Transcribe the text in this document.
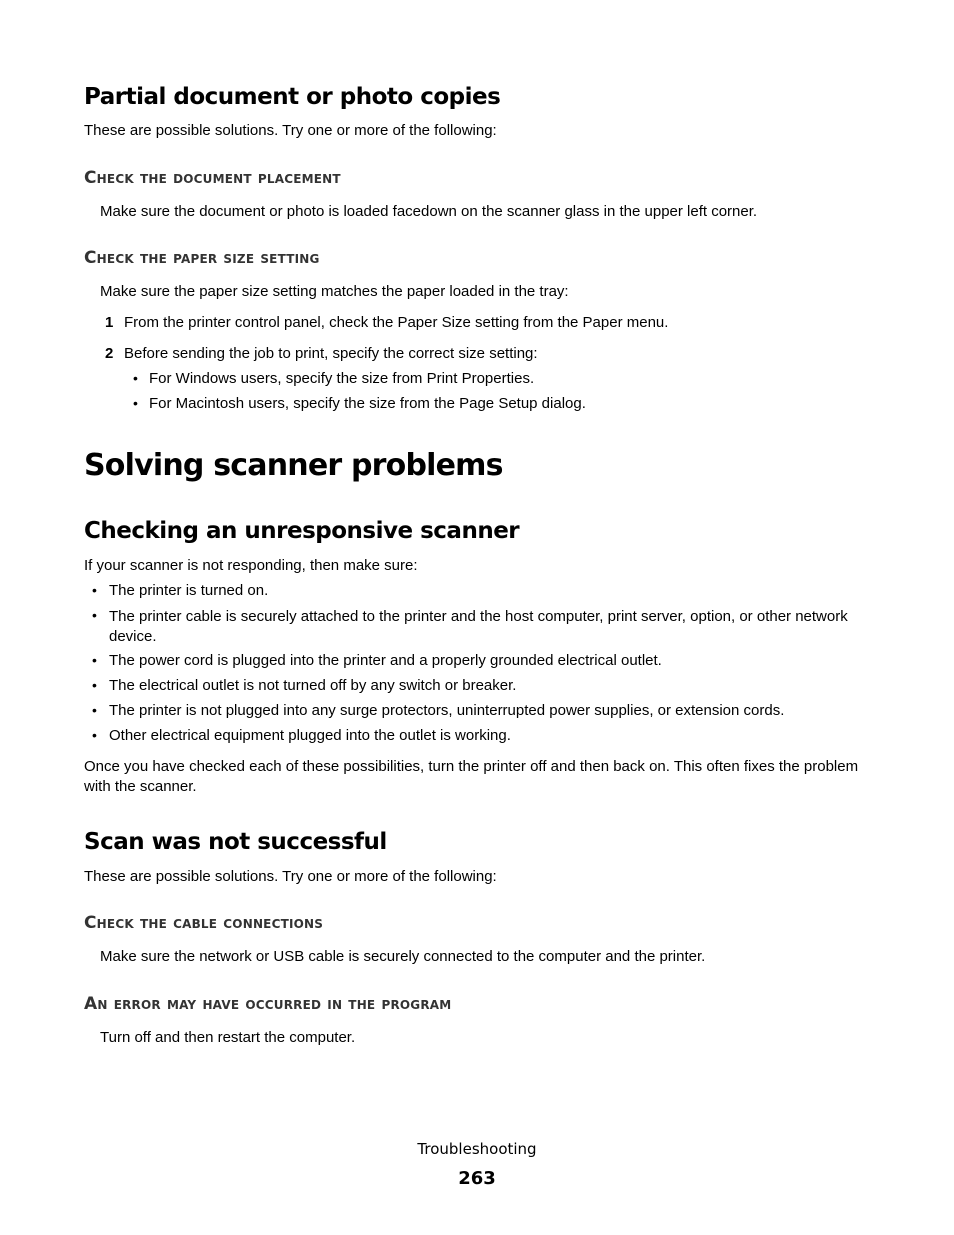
Partial document or photo copies
These are possible solutions. Try one or more of the following:
Check the document placement
Make sure the document or photo is loaded facedown on the scanner glass in the upper left corner.
Check the paper size setting
Make sure the paper size setting matches the paper loaded in the tray:
1 From the printer control panel, check the Paper Size setting from the Paper menu.
2 Before sending the job to print, specify the correct size setting:
• For Windows users, specify the size from Print Properties.
• For Macintosh users, specify the size from the Page Setup dialog.
Solving scanner problems
Checking an unresponsive scanner
If your scanner is not responding, then make sure:
• The printer is turned on.
• The printer cable is securely attached to the printer and the host computer, print server, option, or other network device.
• The power cord is plugged into the printer and a properly grounded electrical outlet.
• The electrical outlet is not turned off by any switch or breaker.
• The printer is not plugged into any surge protectors, uninterrupted power supplies, or extension cords.
• Other electrical equipment plugged into the outlet is working.
Once you have checked each of these possibilities, turn the printer off and then back on. This often fixes the problem with the scanner.
Scan was not successful
These are possible solutions. Try one or more of the following:
Check the cable connections
Make sure the network or USB cable is securely connected to the computer and the printer.
An error may have occurred in the program
Turn off and then restart the computer.
Troubleshooting
263
